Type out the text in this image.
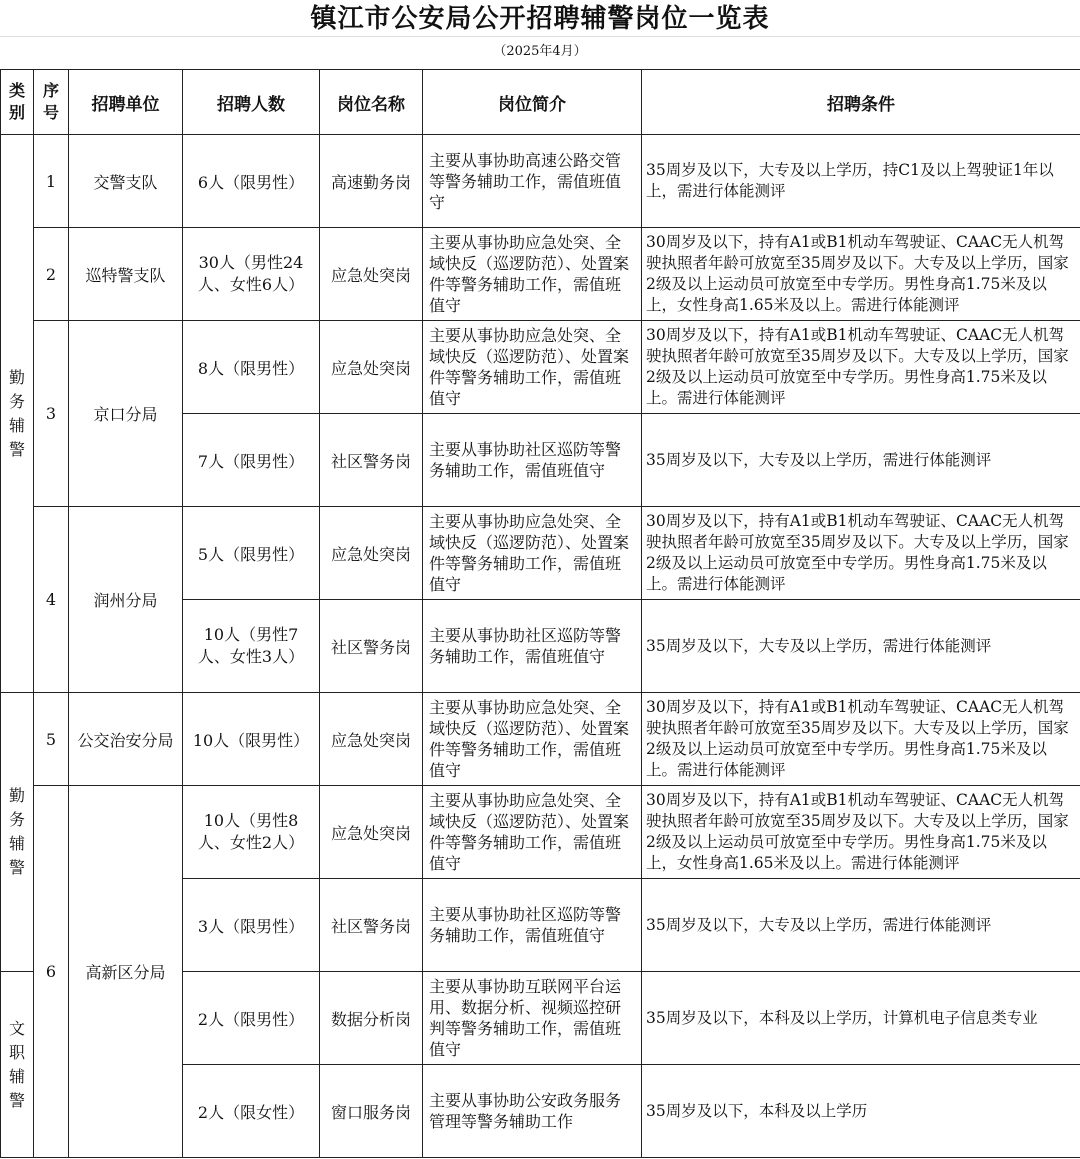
镇江市公安局公开招聘辅警岗位一览表
（2025年4月）
类别	序号	招聘单位	招聘人数	岗位名称	岗位简介	招聘条件
勤务辅警	1	交警支队	6人（限男性）	高速勤务岗	主要从事协助高速公路交管等警务辅助工作，需值班值守	35周岁及以下，大专及以上学历，持C1及以上驾驶证1年以上，需进行体能测评
	2	巡特警支队	30人（男性24人、女性6人）	应急处突岗	主要从事协助应急处突、全域快反（巡逻防范）、处置案件等警务辅助工作，需值班值守	30周岁及以下，持有A1或B1机动车驾驶证、CAAC无人机驾驶执照者年龄可放宽至35周岁及以下。大专及以上学历，国家2级及以上运动员可放宽至中专学历。男性身高1.75米及以上，女性身高1.65米及以上。需进行体能测评
	3	京口分局	8人（限男性）	应急处突岗	主要从事协助应急处突、全域快反（巡逻防范）、处置案件等警务辅助工作，需值班值守	30周岁及以下，持有A1或B1机动车驾驶证、CAAC无人机驾驶执照者年龄可放宽至35周岁及以下。大专及以上学历，国家2级及以上运动员可放宽至中专学历。男性身高1.75米及以上。需进行体能测评
			7人（限男性）	社区警务岗	主要从事协助社区巡防等警务辅助工作，需值班值守	35周岁及以下，大专及以上学历，需进行体能测评
	4	润州分局	5人（限男性）	应急处突岗	主要从事协助应急处突、全域快反（巡逻防范）、处置案件等警务辅助工作，需值班值守	30周岁及以下，持有A1或B1机动车驾驶证、CAAC无人机驾驶执照者年龄可放宽至35周岁及以下。大专及以上学历，国家2级及以上运动员可放宽至中专学历。男性身高1.75米及以上。需进行体能测评
			10人（男性7人、女性3人）	社区警务岗	主要从事协助社区巡防等警务辅助工作，需值班值守	35周岁及以下，大专及以上学历，需进行体能测评
勤务辅警	5	公交治安分局	10人（限男性）	应急处突岗	主要从事协助应急处突、全域快反（巡逻防范）、处置案件等警务辅助工作，需值班值守	30周岁及以下，持有A1或B1机动车驾驶证、CAAC无人机驾驶执照者年龄可放宽至35周岁及以下。大专及以上学历，国家2级及以上运动员可放宽至中专学历。男性身高1.75米及以上。需进行体能测评
	6	高新区分局	10人（男性8人、女性2人）	应急处突岗	主要从事协助应急处突、全域快反（巡逻防范）、处置案件等警务辅助工作，需值班值守	30周岁及以下，持有A1或B1机动车驾驶证、CAAC无人机驾驶执照者年龄可放宽至35周岁及以下。大专及以上学历，国家2级及以上运动员可放宽至中专学历。男性身高1.75米及以上，女性身高1.65米及以上。需进行体能测评
			3人（限男性）	社区警务岗	主要从事协助社区巡防等警务辅助工作，需值班值守	35周岁及以下，大专及以上学历，需进行体能测评
文职辅警			2人（限男性）	数据分析岗	主要从事协助互联网平台运用、数据分析、视频巡控研判等警务辅助工作，需值班值守	35周岁及以下，本科及以上学历，计算机电子信息类专业
			2人（限女性）	窗口服务岗	主要从事协助公安政务服务管理等警务辅助工作	35周岁及以下，本科及以上学历
